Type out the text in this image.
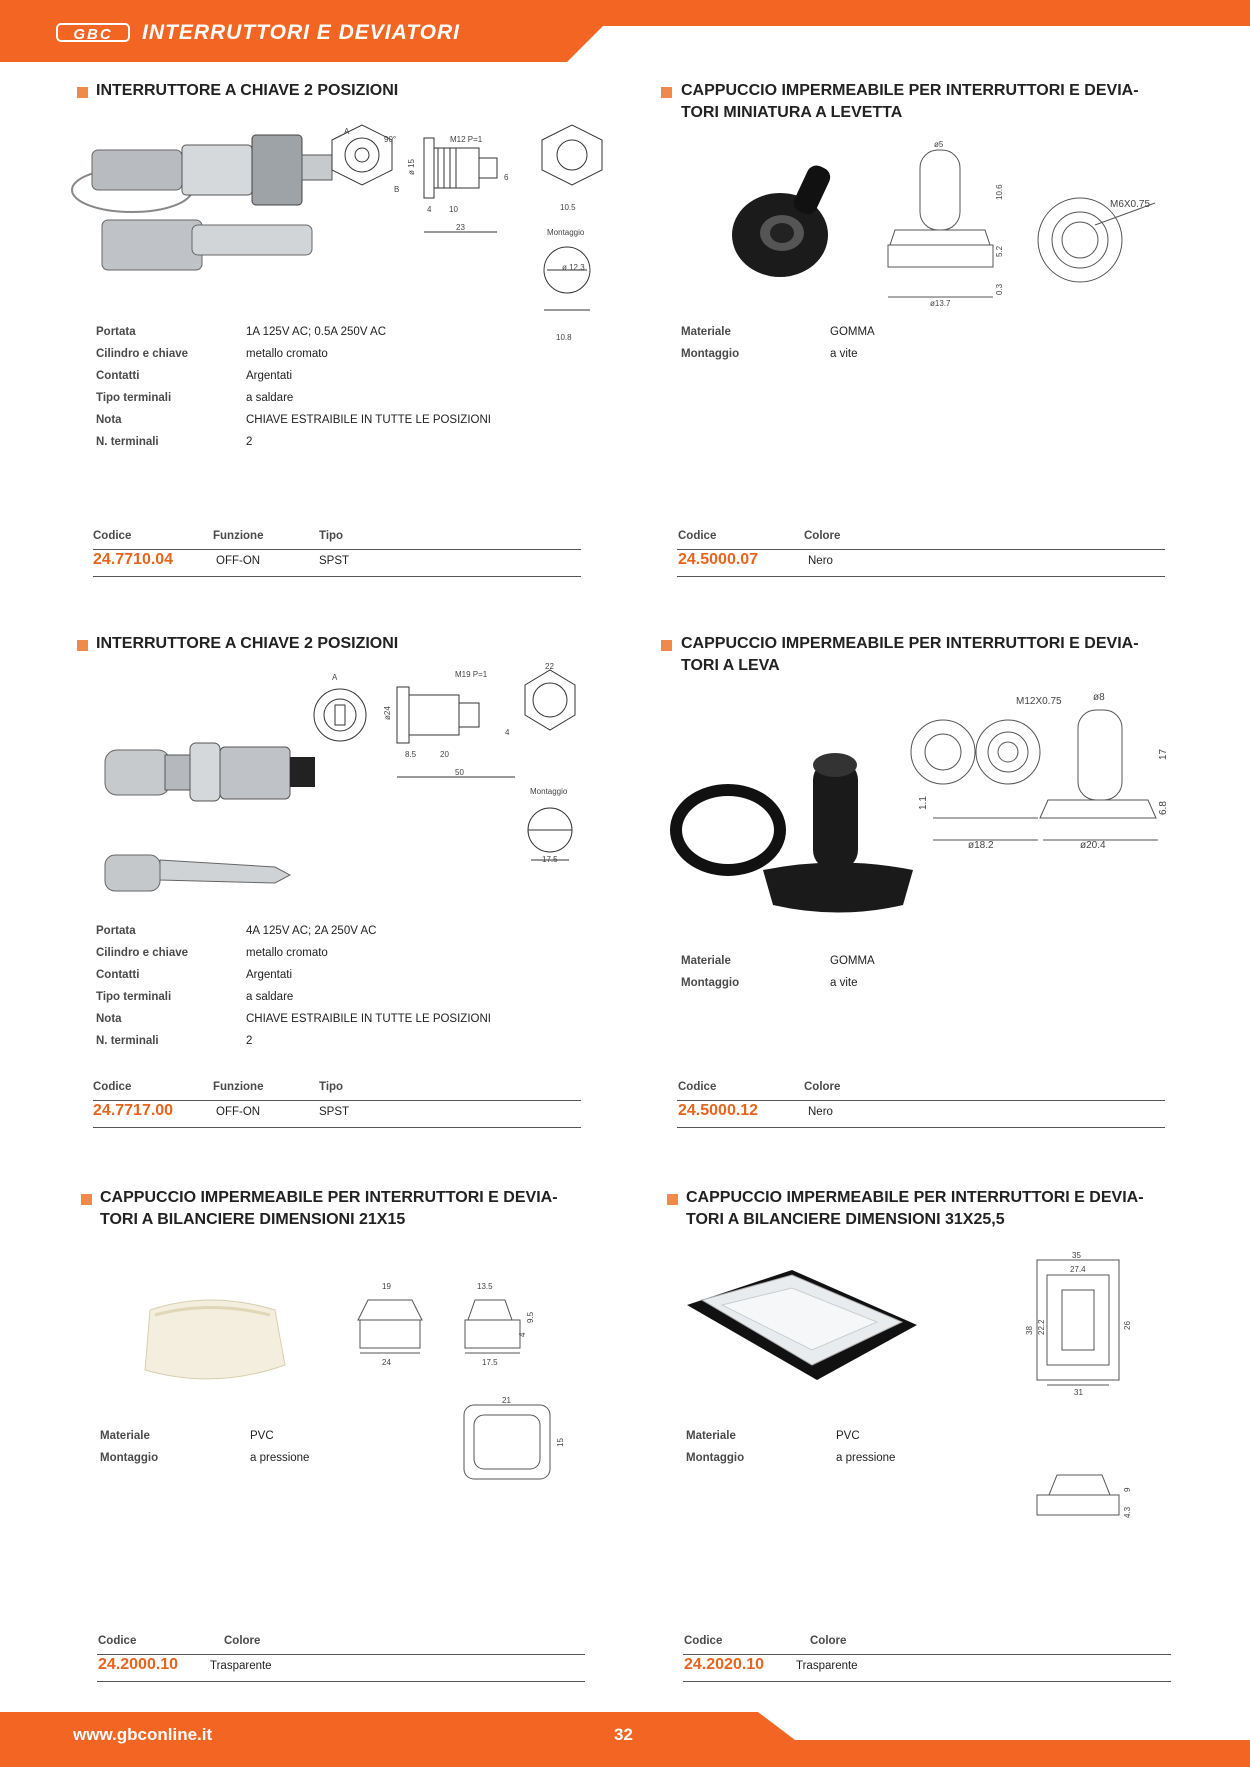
GBC	INTERRUTTORI E DEVIATORI
INTERRUTTORE A CHIAVE 2 POSIZIONI
A
B
90°	M12 P=1
ø 15
4 10
6
23
10.5
Montaggio
ø 12.3
10.8
Portata	1A 125V AC; 0.5A 250V AC
Cilindro e chiave	metallo cromato
Contatti	Argentati
Tipo terminali	a saldare
Nota	CHIAVE ESTRAIBILE IN TUTTE LE POSIZIONI
N. terminali	2
Codice	Funzione	Tipo
24.7710.04	OFF-ON	SPST
CAPPUCCIO IMPERMEABILE PER INTERRUTTORI E DEVIA-
TORI MINIATURA A LEVETTA
ø5
10.6
5.2
0.3
ø13.7
M6X0.75
Materiale	GOMMA
Montaggio	a vite
Codice	Colore
24.5000.07	Nero
INTERRUTTORE A CHIAVE 2 POSIZIONI
A	M19 P=1
ø24
8.5	20
4
50
22
Montaggio
17.5
Portata	4A 125V AC; 2A 250V AC
Cilindro e chiave	metallo cromato
Contatti	Argentati
Tipo terminali	a saldare
Nota	CHIAVE ESTRAIBILE IN TUTTE LE POSIZIONI
N. terminali	2
Codice	Funzione	Tipo
24.7717.00	OFF-ON	SPST
CAPPUCCIO IMPERMEABILE PER INTERRUTTORI E DEVIA-
TORI A LEVA
M12X0.75	ø8
17
6.8
1.1
ø18.2	ø20.4
Materiale	GOMMA
Montaggio	a vite
Codice	Colore
24.5000.12	Nero
CAPPUCCIO IMPERMEABILE PER INTERRUTTORI E DEVIA-
TORI A BILANCIERE DIMENSIONI 21X15
19
24
13.5
9.5
4
17.5
21
15
Materiale	PVC
Montaggio	a pressione
Codice	Colore
24.2000.10	Trasparente
CAPPUCCIO IMPERMEABILE PER INTERRUTTORI E DEVIA-
TORI A BILANCIERE DIMENSIONI 31X25,5
35
27.4
38 22.2	26
31
9
4.3
Materiale	PVC
Montaggio	a pressione
Codice	Colore
24.2020.10	Trasparente
www.gbconline.it	32
